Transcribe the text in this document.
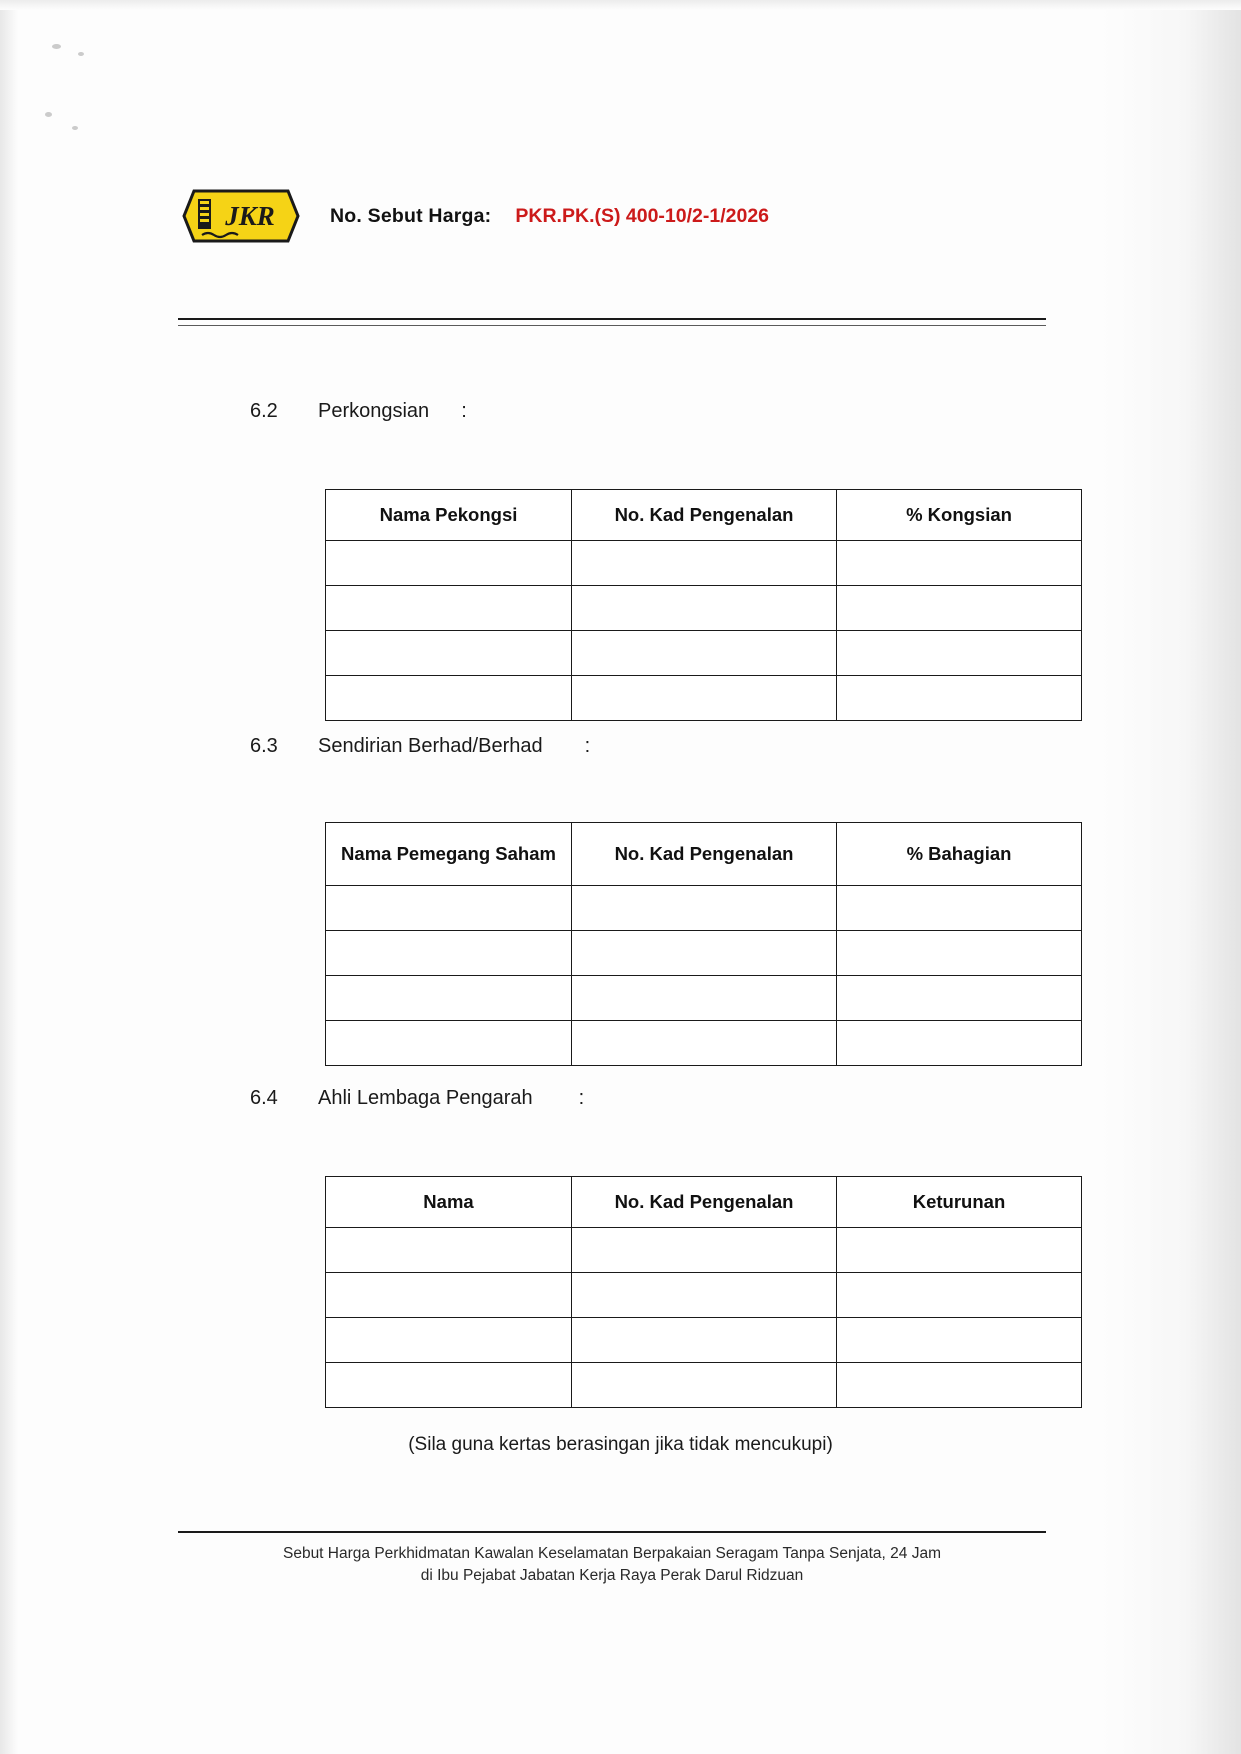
JKR	No. Sebut Harga: PKR.PK.(S) 400-10/2-1/2026
6.2	Perkongsian :
Nama Pekongsi	No. Kad Pengenalan	% Kongsian

6.3	Sendirian Berhad/Berhad :
Nama Pemegang Saham	No. Kad Pengenalan	% Bahagian

6.4	Ahli Lembaga Pengarah :
Nama	No. Kad Pengenalan	Keturunan

(Sila guna kertas berasingan jika tidak mencukupi)
Sebut Harga Perkhidmatan Kawalan Keselamatan Berpakaian Seragam Tanpa Senjata, 24 Jam
di Ibu Pejabat Jabatan Kerja Raya Perak Darul Ridzuan
